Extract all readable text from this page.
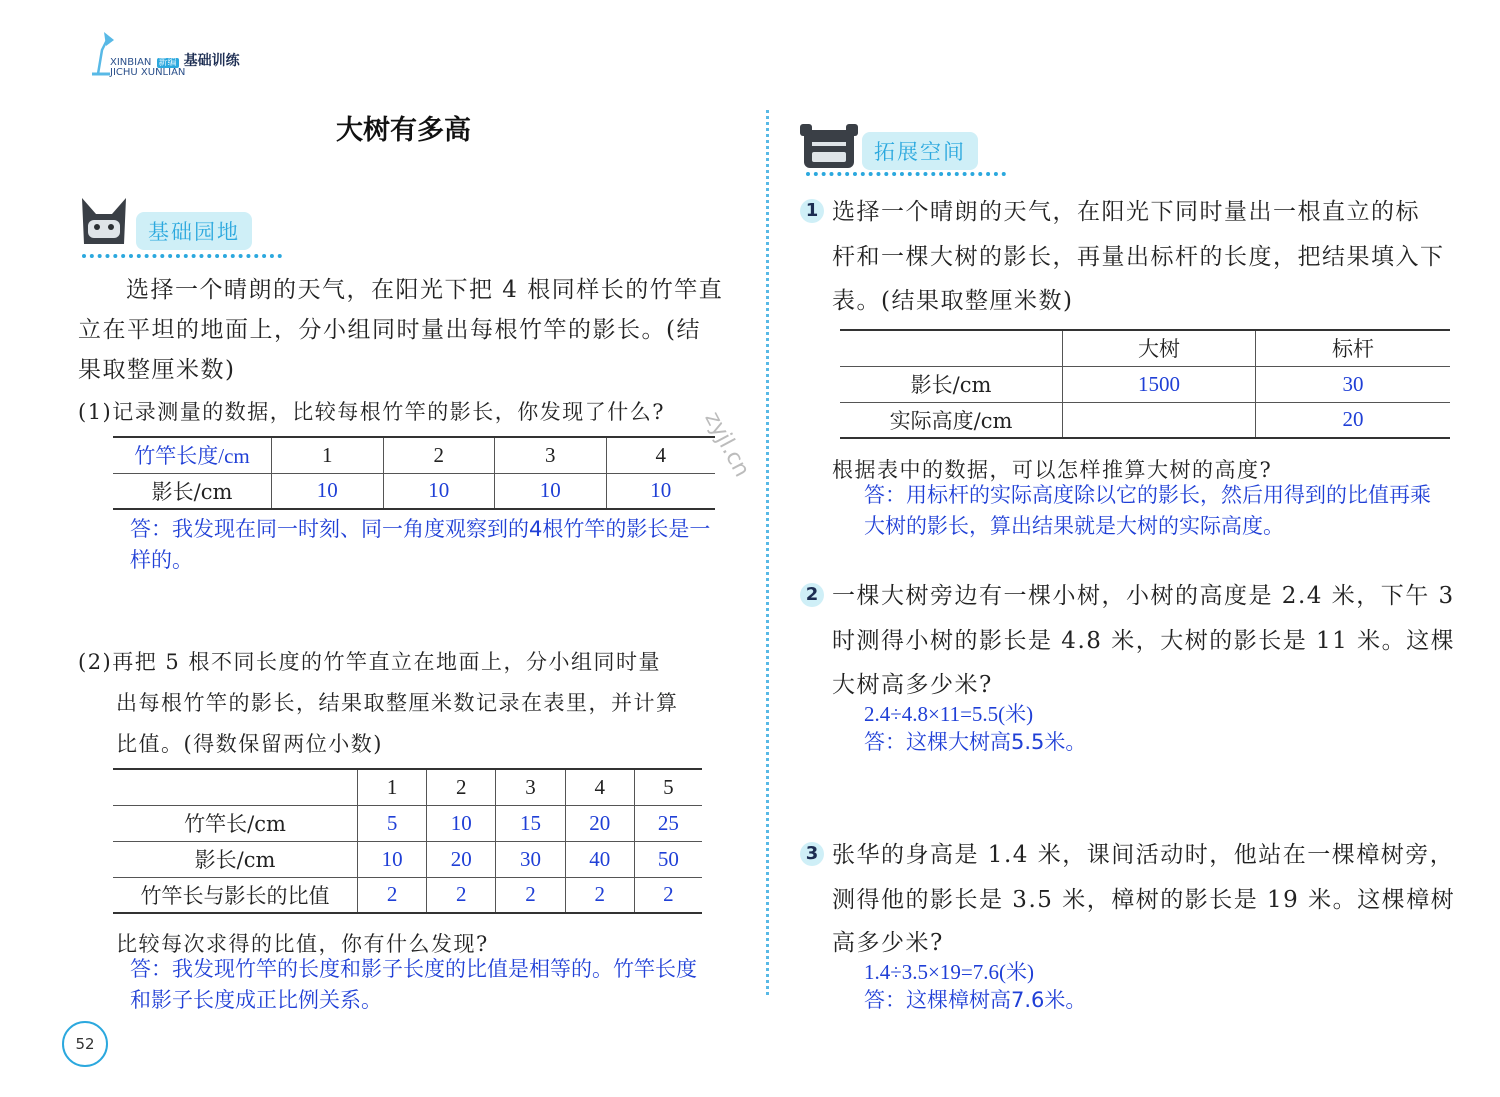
XINBIAN 新编 基础训练
JICHU XUNLIAN
大树有多高
基础园地
选择一个晴朗的天气，在阳光下把 4 根同样长的竹竿直
立在平坦的地面上，分小组同时量出每根竹竿的影长。(结
果取整厘米数)
(1)记录测量的数据，比较每根竹竿的影长，你发现了什么?
竹竿长度/cm	1	2	3	4
影长/cm	10	10	10	10
答：我发现在同一时刻、同一角度观察到的4根竹竿的影长是一
样的。
(2)再把 5 根不同长度的竹竿直立在地面上，分小组同时量
出每根竹竿的影长，结果取整厘米数记录在表里，并计算
比值。(得数保留两位小数)
	1	2	3	4	5
竹竿长/cm	5	10	15	20	25
影长/cm	10	20	30	40	50
竹竿长与影长的比值	2	2	2	2	2
比较每次求得的比值，你有什么发现?
答：我发现竹竿的长度和影子长度的比值是相等的。竹竿长度
和影子长度成正比例关系。
52
zyjl.cn
拓展空间
1 选择一个晴朗的天气，在阳光下同时量出一根直立的标
杆和一棵大树的影长，再量出标杆的长度，把结果填入下
表。(结果取整厘米数)
	大树	标杆
影长/cm	1500	30
实际高度/cm		20
根据表中的数据，可以怎样推算大树的高度?
答：用标杆的实际高度除以它的影长，然后用得到的比值再乘
大树的影长，算出结果就是大树的实际高度。
2 一棵大树旁边有一棵小树，小树的高度是 2.4 米，下午 3
时测得小树的影长是 4.8 米，大树的影长是 11 米。这棵
大树高多少米?
2.4÷4.8×11=5.5(米)
答：这棵大树高5.5米。
3 张华的身高是 1.4 米，课间活动时，他站在一棵樟树旁，
测得他的影长是 3.5 米，樟树的影长是 19 米。这棵樟树
高多少米?
1.4÷3.5×19=7.6(米)
答：这棵樟树高7.6米。
